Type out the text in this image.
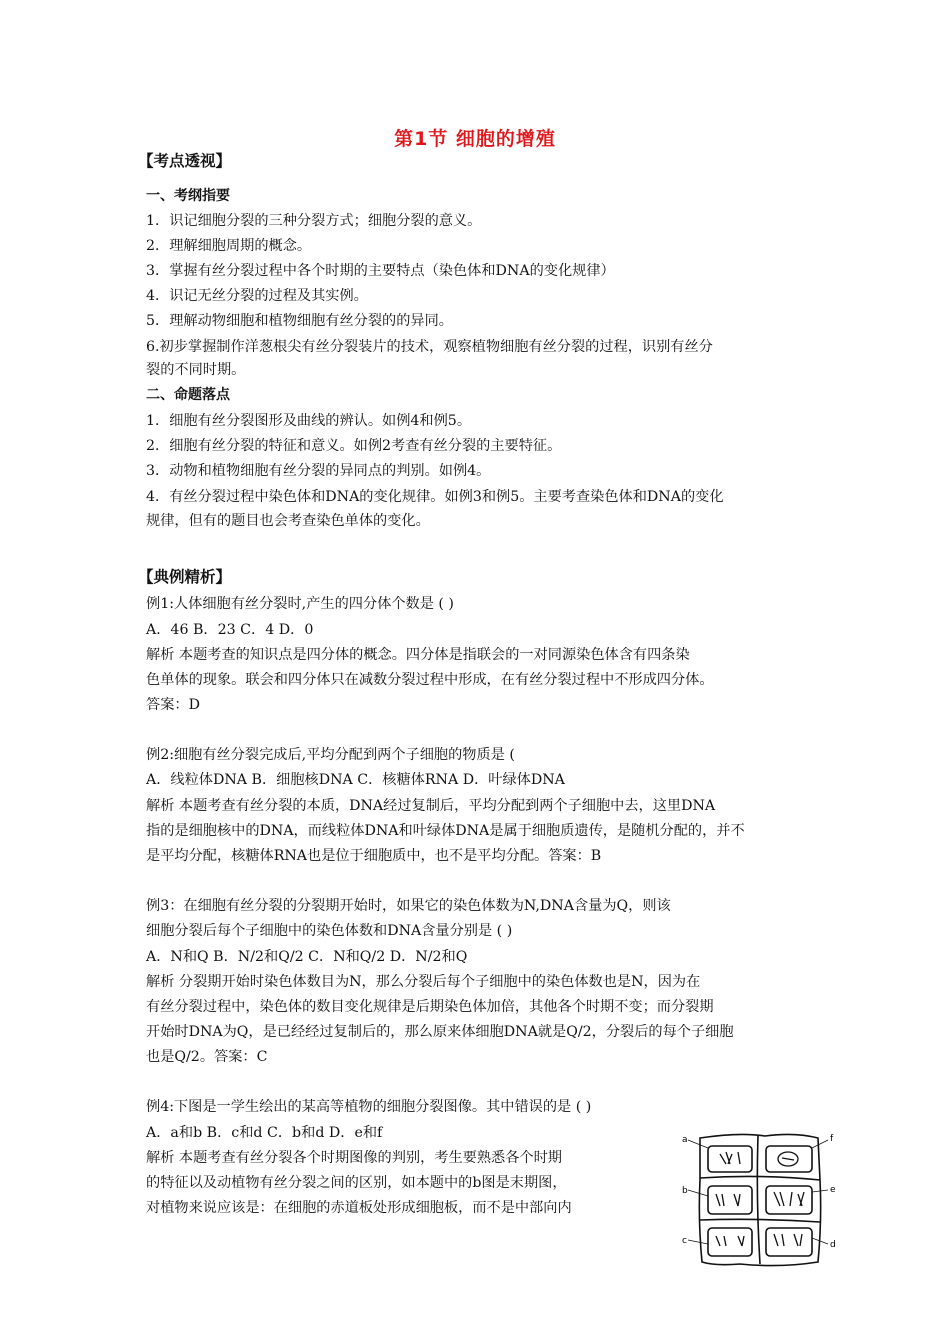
第1节 细胞的增殖
【考点透视】
一、考纲指要
1．识记细胞分裂的三种分裂方式；细胞分裂的意义。
2．理解细胞周期的概念。
3．掌握有丝分裂过程中各个时期的主要特点（染色体和DNA的变化规律）
4．识记无丝分裂的过程及其实例。
5．理解动物细胞和植物细胞有丝分裂的的异同。
6.初步掌握制作洋葱根尖有丝分裂装片的技术，观察植物细胞有丝分裂的过程，识别有丝分
裂的不同时期。
二、命题落点
1．细胞有丝分裂图形及曲线的辨认。如例4和例5。
2．细胞有丝分裂的特征和意义。如例2考查有丝分裂的主要特征。
3．动物和植物细胞有丝分裂的异同点的判别。如例4。
4．有丝分裂过程中染色体和DNA的变化规律。如例3和例5。主要考查染色体和DNA的变化
规律，但有的题目也会考查染色单体的变化。
【典例精析】
例1:人体细胞有丝分裂时,产生的四分体个数是 ( )
A．46 B．23 C．4 D．0
解析 本题考查的知识点是四分体的概念。四分体是指联会的一对同源染色体含有四条染
色单体的现象。联会和四分体只在减数分裂过程中形成，在有丝分裂过程中不形成四分体。
答案：D
例2:细胞有丝分裂完成后,平均分配到两个子细胞的物质是 (
A．线粒体DNA B．细胞核DNA C．核糖体RNA D．叶绿体DNA
解析 本题考查有丝分裂的本质，DNA经过复制后，平均分配到两个子细胞中去，这里DNA
指的是细胞核中的DNA，而线粒体DNA和叶绿体DNA是属于细胞质遗传，是随机分配的，并不
是平均分配，核糖体RNA也是位于细胞质中，也不是平均分配。答案：B
例3：在细胞有丝分裂的分裂期开始时，如果它的染色体数为N,DNA含量为Q，则该
细胞分裂后每个子细胞中的染色体数和DNA含量分别是 ( )
A．N和Q B．N/2和Q/2 C．N和Q/2 D．N/2和Q
解析 分裂期开始时染色体数目为N，那么分裂后每个子细胞中的染色体数也是N，因为在
有丝分裂过程中，染色体的数目变化规律是后期染色体加倍，其他各个时期不变；而分裂期
开始时DNA为Q，是已经经过复制后的，那么原来体细胞DNA就是Q/2，分裂后的每个子细胞
也是Q/2。答案：C
例4:下图是一学生绘出的某高等植物的细胞分裂图像。其中错误的是 ( )
A．a和b B．c和d C．b和d D．e和f
解析 本题考查有丝分裂各个时期图像的判别，考生要熟悉各个时期
的特征以及动植物有丝分裂之间的区别，如本题中的b图是末期图，
对植物来说应该是：在细胞的赤道板处形成细胞板，而不是中部向内
a
b
c	d
e
f
